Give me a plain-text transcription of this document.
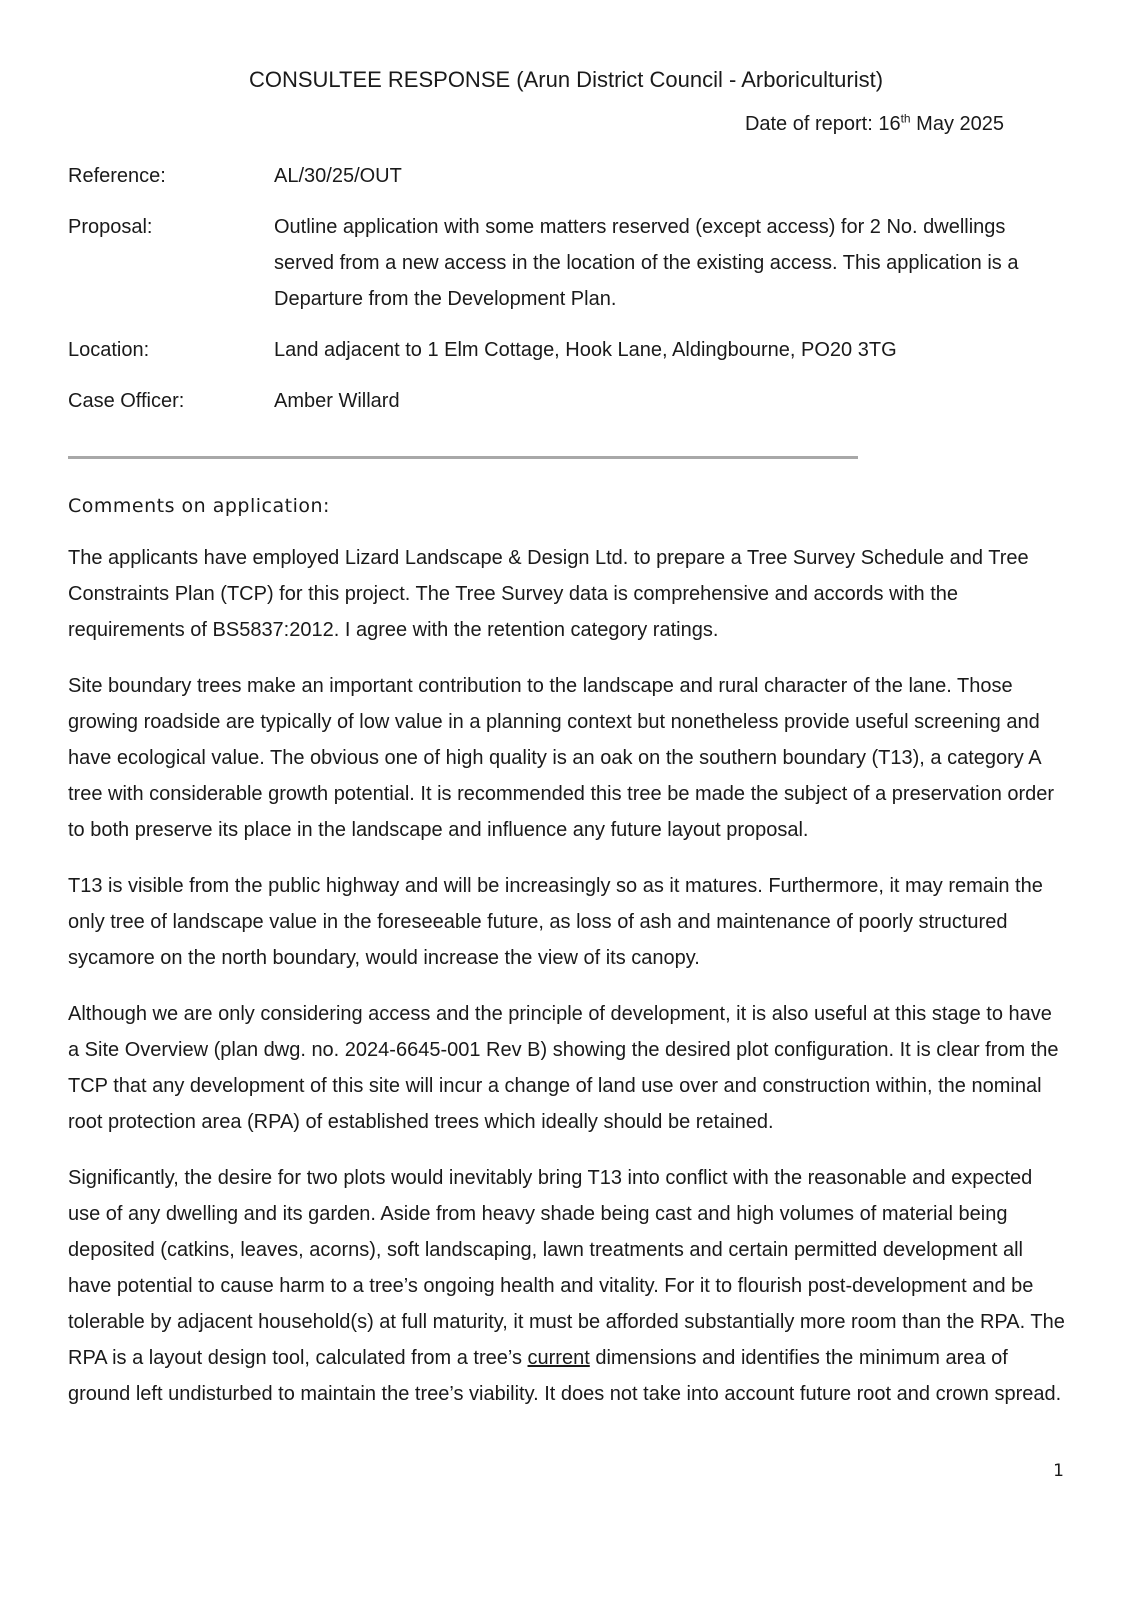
CONSULTEE RESPONSE (Arun District Council - Arboriculturist)
Date of report: 16th May 2025
Reference:	AL/30/25/OUT
Proposal:	Outline application with some matters reserved (except access) for 2 No. dwellings served from a new access in the location of the existing access. This application is a Departure from the Development Plan.
Location:	Land adjacent to 1 Elm Cottage, Hook Lane, Aldingbourne, PO20 3TG
Case Officer:	Amber Willard
Comments on application:

The applicants have employed Lizard Landscape & Design Ltd. to prepare a Tree Survey Schedule and Tree Constraints Plan (TCP) for this project. The Tree Survey data is comprehensive and accords with the requirements of BS5837:2012. I agree with the retention category ratings.

Site boundary trees make an important contribution to the landscape and rural character of the lane. Those growing roadside are typically of low value in a planning context but nonetheless provide useful screening and have ecological value. The obvious one of high quality is an oak on the southern boundary (T13), a category A tree with considerable growth potential. It is recommended this tree be made the subject of a preservation order to both preserve its place in the landscape and influence any future layout proposal.

T13 is visible from the public highway and will be increasingly so as it matures. Furthermore, it may remain the only tree of landscape value in the foreseeable future, as loss of ash and maintenance of poorly structured sycamore on the north boundary, would increase the view of its canopy.

Although we are only considering access and the principle of development, it is also useful at this stage to have a Site Overview (plan dwg. no. 2024-6645-001 Rev B) showing the desired plot configuration. It is clear from the TCP that any development of this site will incur a change of land use over and construction within, the nominal root protection area (RPA) of established trees which ideally should be retained.

Significantly, the desire for two plots would inevitably bring T13 into conflict with the reasonable and expected use of any dwelling and its garden. Aside from heavy shade being cast and high volumes of material being deposited (catkins, leaves, acorns), soft landscaping, lawn treatments and certain permitted development all have potential to cause harm to a tree’s ongoing health and vitality. For it to flourish post-development and be tolerable by adjacent household(s) at full maturity, it must be afforded substantially more room than the RPA. The RPA is a layout design tool, calculated from a tree’s current dimensions and identifies the minimum area of ground left undisturbed to maintain the tree’s viability. It does not take into account future root and crown spread.

1
